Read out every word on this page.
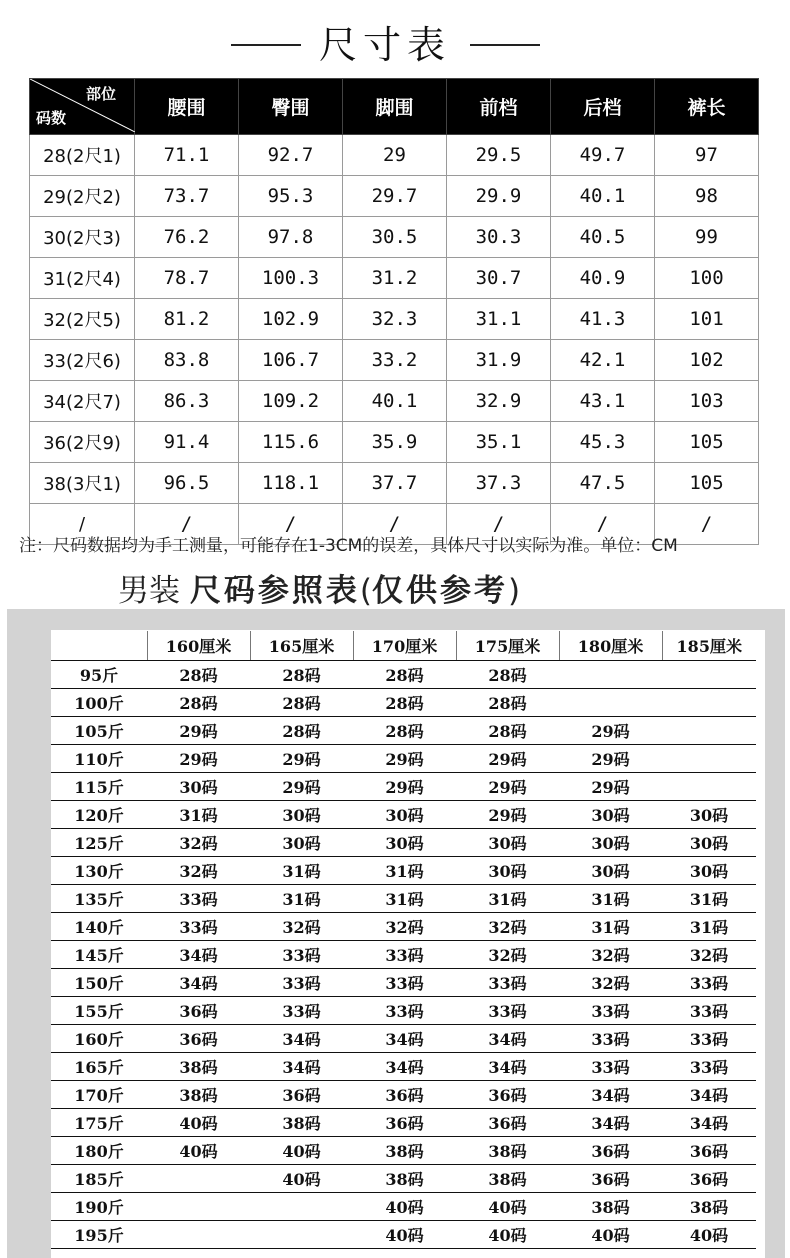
尺寸表
部位
码数	腰围	臀围	脚围	前档	后档	裤长
28(2尺1)	71.1	92.7	29	29.5	49.7	97
29(2尺2)	73.7	95.3	29.7	29.9	40.1	98
30(2尺3)	76.2	97.8	30.5	30.3	40.5	99
31(2尺4)	78.7	100.3	31.2	30.7	40.9	100
32(2尺5)	81.2	102.9	32.3	31.1	41.3	101
33(2尺6)	83.8	106.7	33.2	31.9	42.1	102
34(2尺7)	86.3	109.2	40.1	32.9	43.1	103
36(2尺9)	91.4	115.6	35.9	35.1	45.3	105
38(3尺1)	96.5	118.1	37.7	37.3	47.5	105
/	/	/	/	/	/	/
注：尺码数据均为手工测量，可能存在1-3CM的误差，具体尺寸以实际为准。单位：CM
男装 尺码参照表(仅供参考)
	160厘米	165厘米	170厘米	175厘米	180厘米	185厘米
95斤	28码	28码	28码	28码		
100斤	28码	28码	28码	28码		
105斤	29码	28码	28码	28码	29码	
110斤	29码	29码	29码	29码	29码	
115斤	30码	29码	29码	29码	29码	
120斤	31码	30码	30码	29码	30码	30码
125斤	32码	30码	30码	30码	30码	30码
130斤	32码	31码	31码	30码	30码	30码
135斤	33码	31码	31码	31码	31码	31码
140斤	33码	32码	32码	32码	31码	31码
145斤	34码	33码	33码	32码	32码	32码
150斤	34码	33码	33码	33码	32码	33码
155斤	36码	33码	33码	33码	33码	33码
160斤	36码	34码	34码	34码	33码	33码
165斤	38码	34码	34码	34码	33码	33码
170斤	38码	36码	36码	36码	34码	34码
175斤	40码	38码	36码	36码	34码	34码
180斤	40码	40码	38码	38码	36码	36码
185斤		40码	38码	38码	36码	36码
190斤			40码	40码	38码	38码
195斤			40码	40码	40码	40码
